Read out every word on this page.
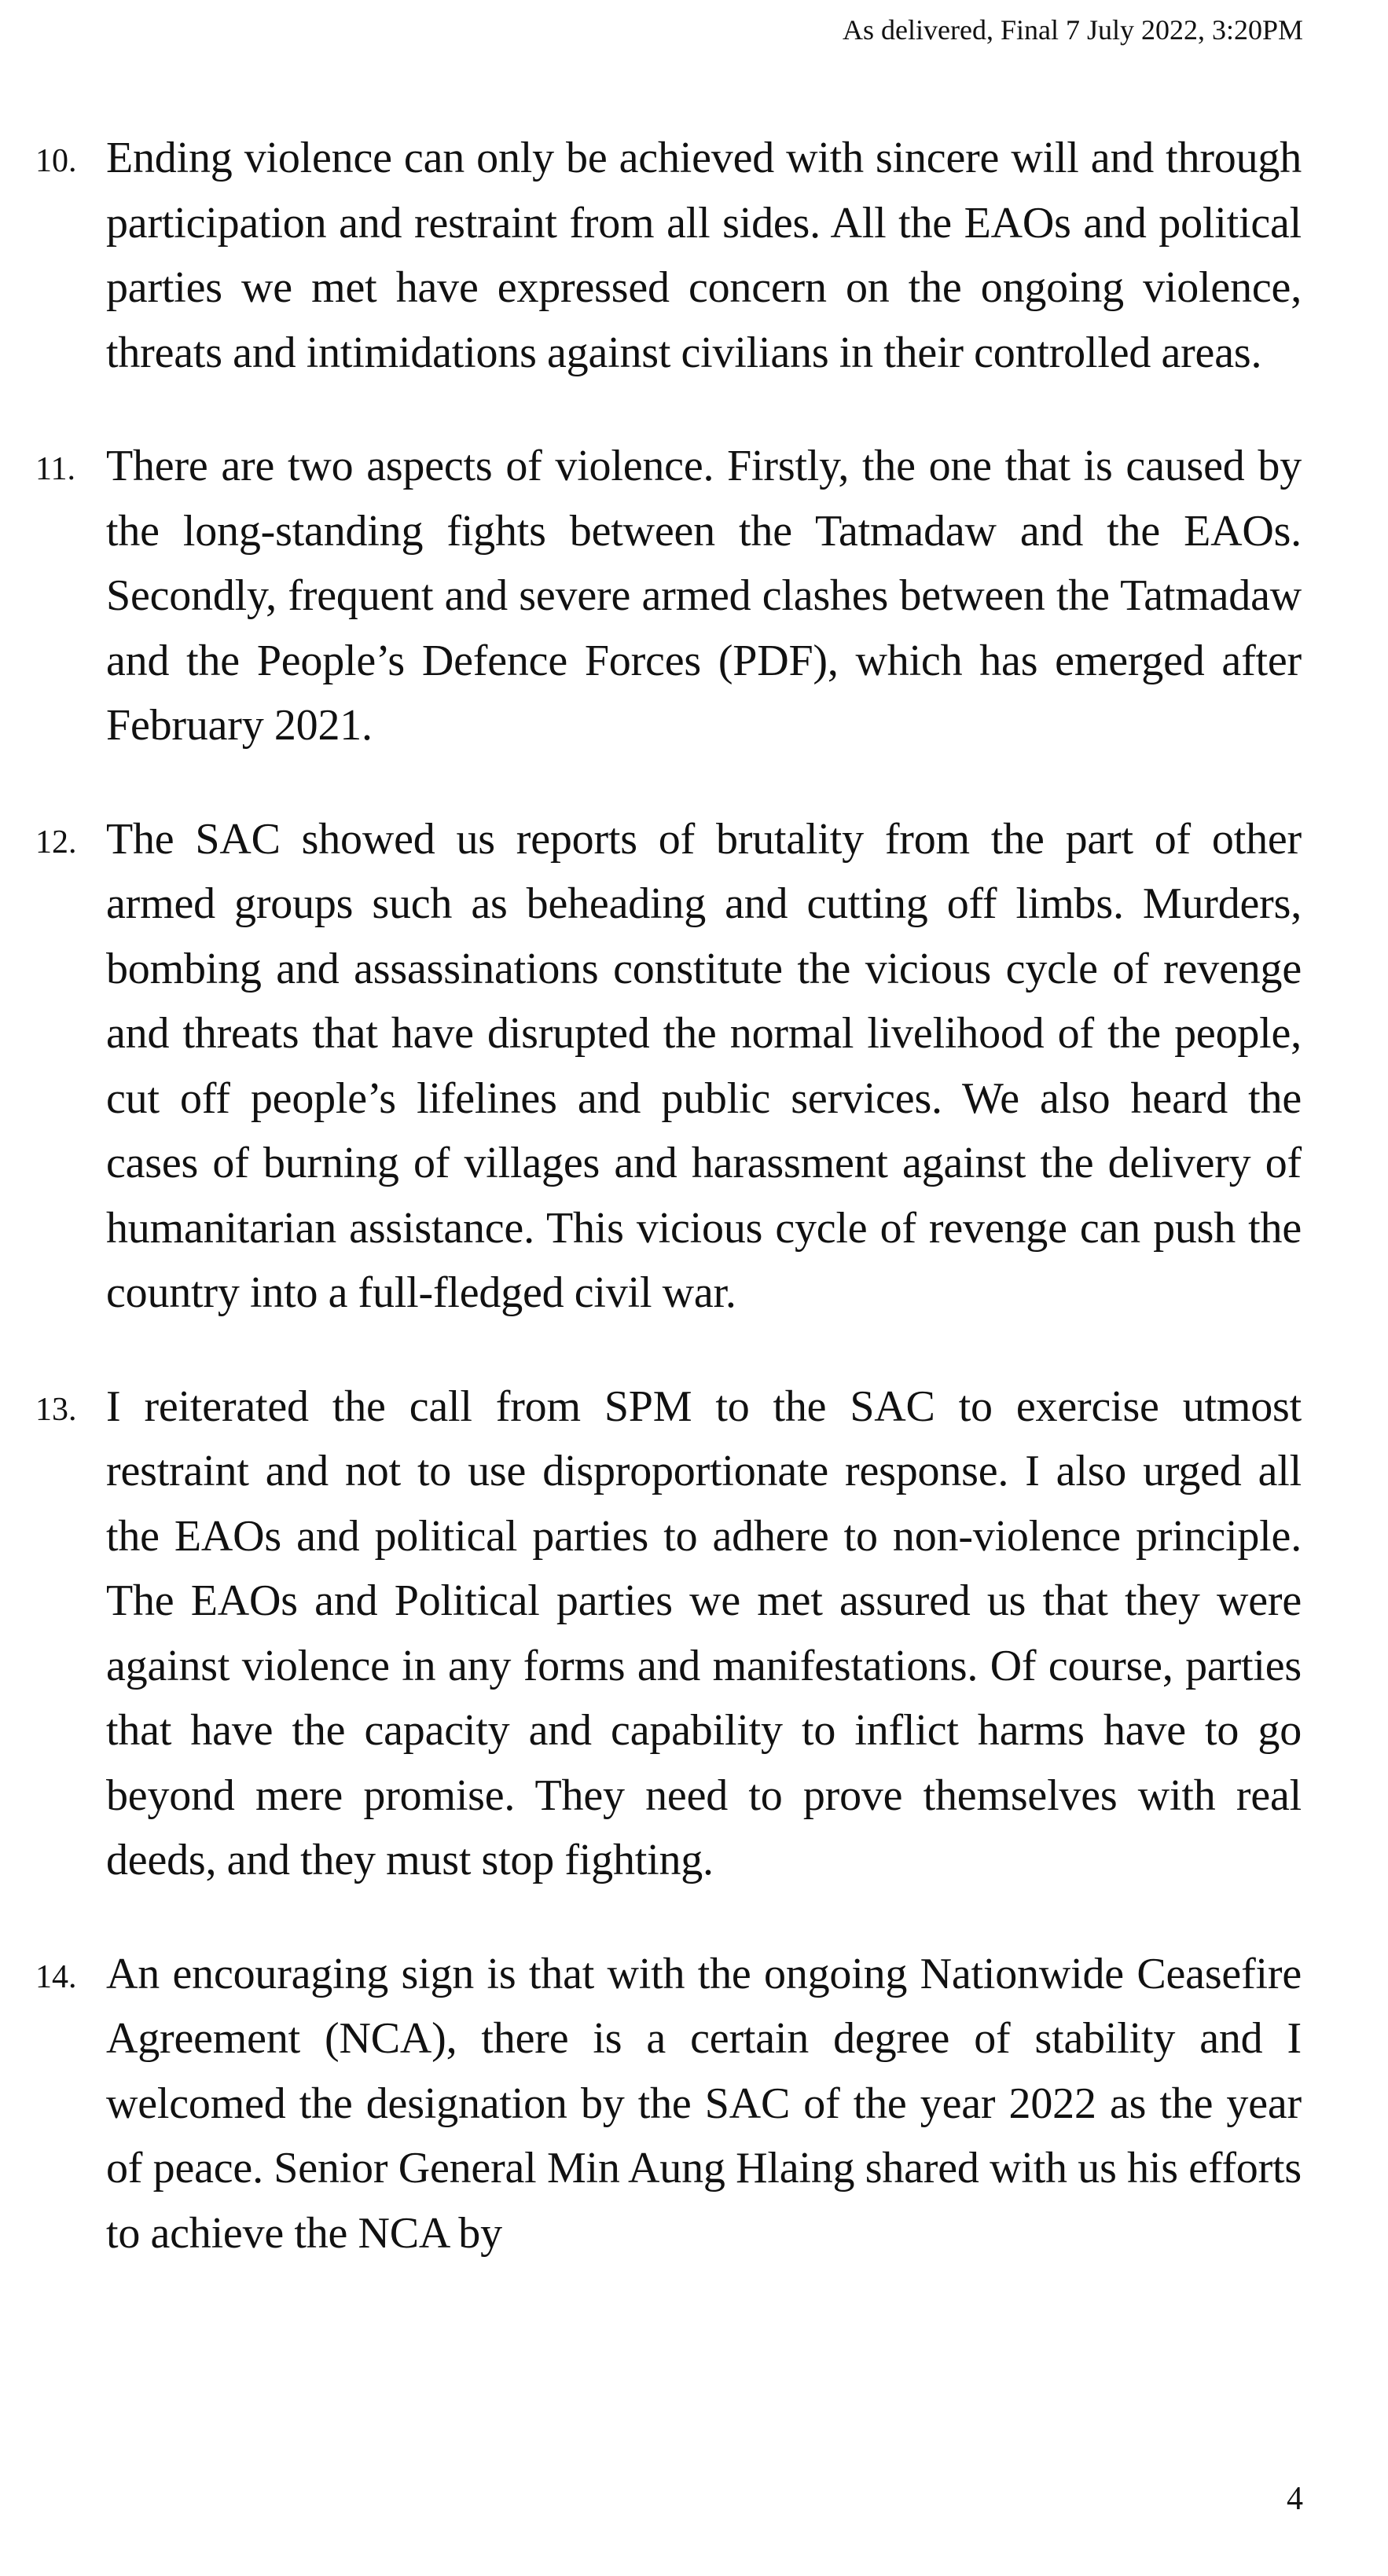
As delivered, Final 7 July 2022, 3:20PM
10. Ending violence can only be achieved with sincere will and through participation and restraint from all sides. All the EAOs and political parties we met have expressed concern on the ongoing violence, threats and intimidations against civilians in their controlled areas.
11. There are two aspects of violence. Firstly, the one that is caused by the long-standing fights between the Tatmadaw and the EAOs. Secondly, frequent and severe armed clashes between the Tatmadaw and the People’s Defence Forces (PDF), which has emerged after February 2021.
12. The SAC showed us reports of brutality from the part of other armed groups such as beheading and cutting off limbs. Murders, bombing and assassinations constitute the vicious cycle of revenge and threats that have disrupted the normal livelihood of the people, cut off people’s lifelines and public services. We also heard the cases of burning of villages and harassment against the delivery of humanitarian assistance. This vicious cycle of revenge can push the country into a full-fledged civil war.
13. I reiterated the call from SPM to the SAC to exercise utmost restraint and not to use disproportionate response. I also urged all the EAOs and political parties to adhere to non-violence principle. The EAOs and Political parties we met assured us that they were against violence in any forms and manifestations. Of course, parties that have the capacity and capability to inflict harms have to go beyond mere promise. They need to prove themselves with real deeds, and they must stop fighting.
14. An encouraging sign is that with the ongoing Nationwide Ceasefire Agreement (NCA), there is a certain degree of stability and I welcomed the designation by the SAC of the year 2022 as the year of peace. Senior General Min Aung Hlaing shared with us his efforts to achieve the NCA by
4
